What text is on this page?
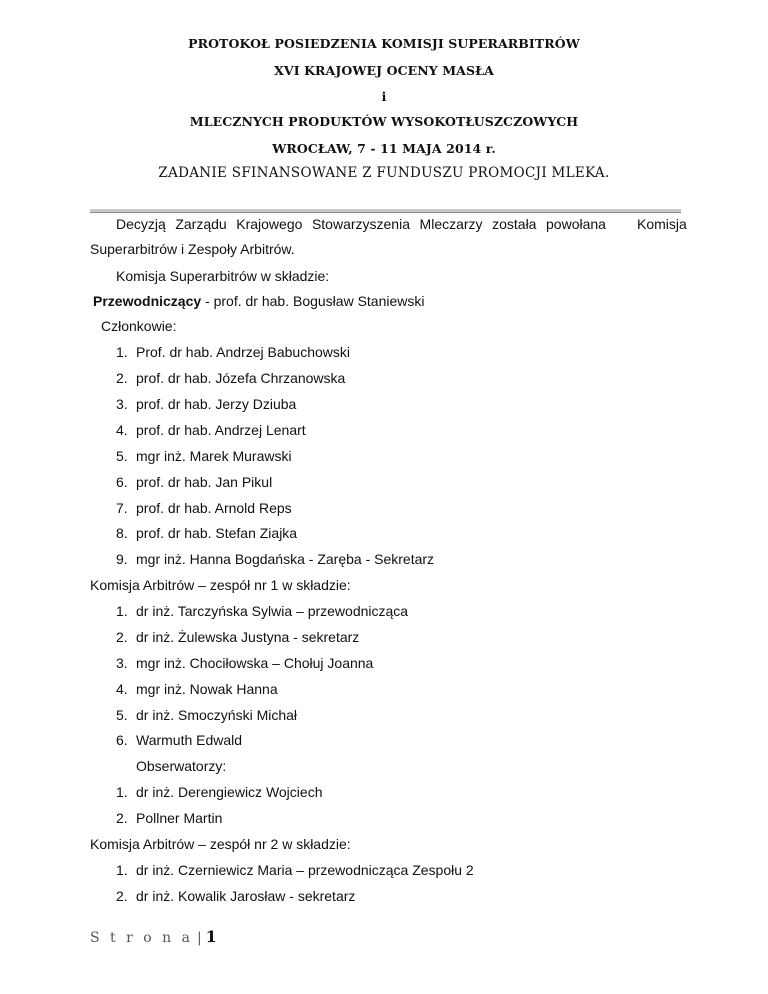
PROTOKOŁ POSIEDZENIA KOMISJI SUPERARBITRÓW
XVI KRAJOWEJ OCENY MASŁA
i
MLECZNYCH PRODUKTÓW WYSOKOTŁUSZCZOWYCH
WROCŁAW, 7 - 11 MAJA 2014 r.
ZADANIE SFINANSOWANE Z FUNDUSZU PROMOCJI MLEKA.
Decyzją Zarządu Krajowego Stowarzyszenia Mleczarzy została powołana Komisja
Superarbitrów i Zespoły Arbitrów.
Komisja Superarbitrów w składzie:
Przewodniczący - prof. dr hab. Bogusław Staniewski
Członkowie:
1. Prof. dr hab. Andrzej Babuchowski
2. prof. dr hab. Józefa Chrzanowska
3. prof. dr hab. Jerzy Dziuba
4. prof. dr hab. Andrzej Lenart
5. mgr inż. Marek Murawski
6. prof. dr hab. Jan Pikul
7. prof. dr hab. Arnold Reps
8. prof. dr hab. Stefan Ziajka
9. mgr inż. Hanna Bogdańska - Zaręba - Sekretarz
Komisja Arbitrów – zespół nr 1 w składzie:
1. dr inż. Tarczyńska Sylwia – przewodnicząca
2. dr inż. Żulewska Justyna - sekretarz
3. mgr inż. Chociłowska – Chołuj Joanna
4. mgr inż. Nowak Hanna
5. dr inż. Smoczyński Michał
6. Warmuth Edwald
Obserwatorzy:
1. dr inż. Derengiewicz Wojciech
2. Pollner Martin
Komisja Arbitrów – zespół nr 2 w składzie:
1. dr inż. Czerniewicz Maria – przewodnicząca Zespołu 2
2. dr inż. Kowalik Jarosław - sekretarz
S t r o n a | 1
